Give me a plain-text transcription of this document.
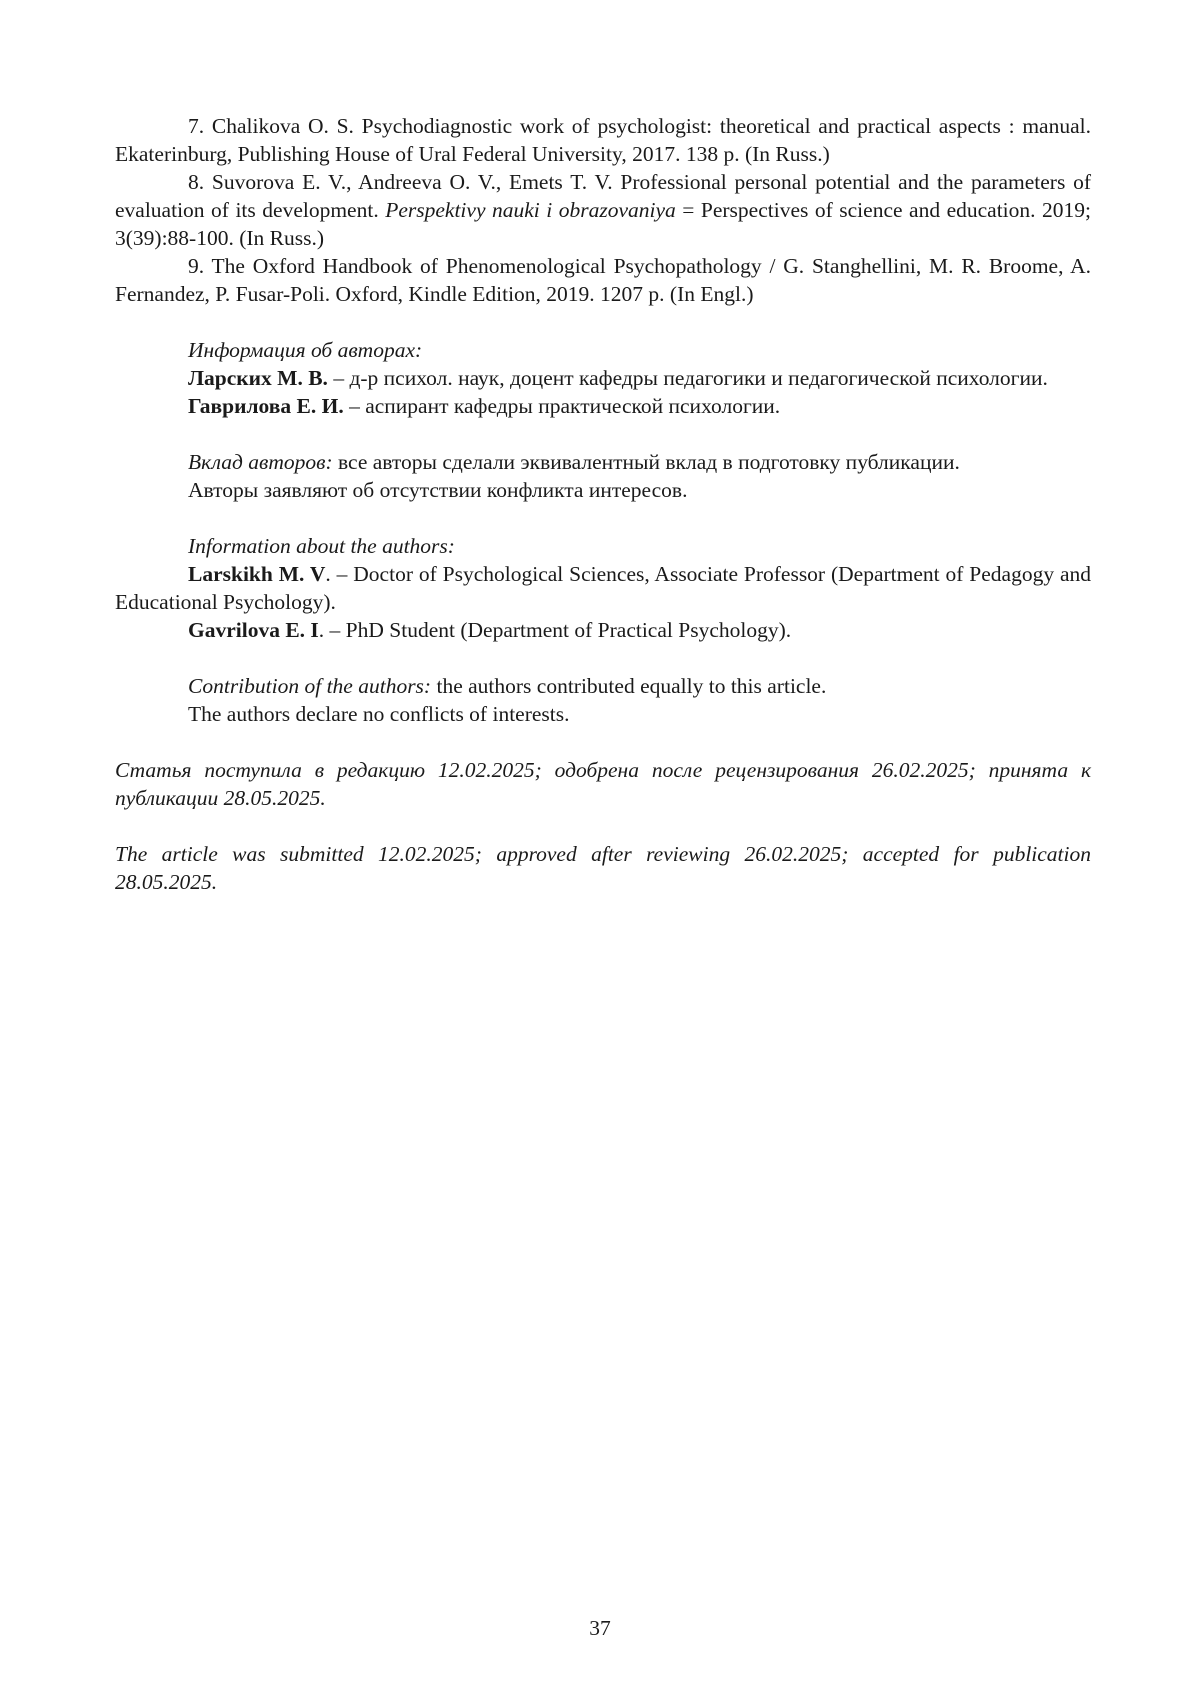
7. Chalikova O. S. Psychodiagnostic work of psychologist: theoretical and practical aspects : manual. Ekaterinburg, Publishing House of Ural Federal University, 2017. 138 p. (In Russ.)

8. Suvorova E. V., Andreeva O. V., Emets T. V. Professional personal potential and the parameters of evaluation of its development. Perspektivy nauki i obrazovaniya = Perspectives of science and education. 2019; 3(39):88-100. (In Russ.)

9. The Oxford Handbook of Phenomenological Psychopathology / G. Stanghellini, M. R. Broome, A. Fernandez, P. Fusar-Poli. Oxford, Kindle Edition, 2019. 1207 p. (In Engl.)

Информация об авторах:

Ларских М. В. – д-р психол. наук, доцент кафедры педагогики и педагогической психологии.

Гаврилова Е. И. – аспирант кафедры практической психологии.

Вклад авторов: все авторы сделали эквивалентный вклад в подготовку публикации.

Авторы заявляют об отсутствии конфликта интересов.

Information about the authors:

Larskikh M. V. – Doctor of Psychological Sciences, Associate Professor (Department of Pedagogy and Educational Psychology).

Gavrilova E. I. – PhD Student (Department of Practical Psychology).

Contribution of the authors: the authors contributed equally to this article.

The authors declare no conflicts of interests.

Статья поступила в редакцию 12.02.2025; одобрена после рецензирования 26.02.2025; принята к публикации 28.05.2025.

The article was submitted 12.02.2025; approved after reviewing 26.02.2025; accepted for publication 28.05.2025.

37
